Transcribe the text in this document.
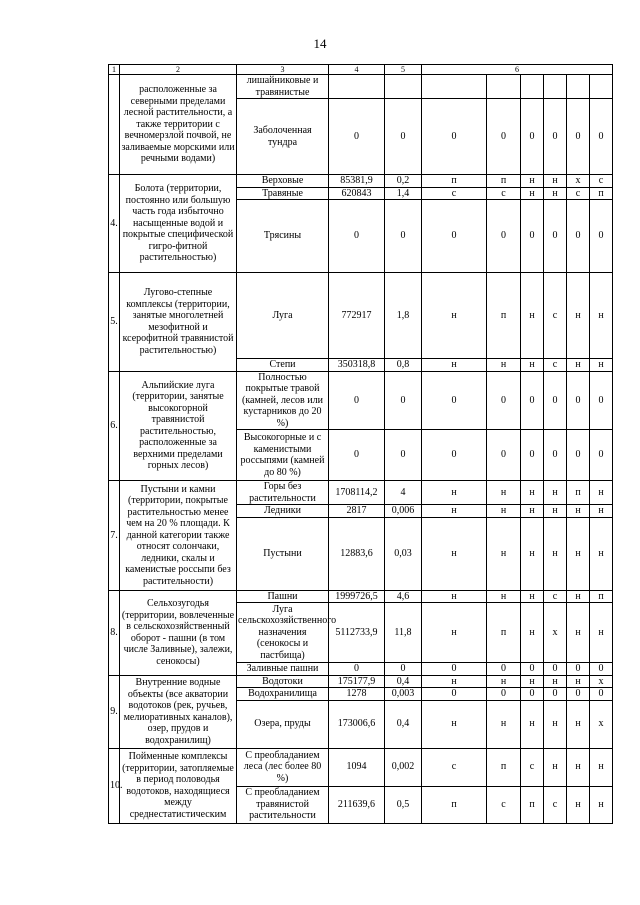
14
1	2	3	4	5	6					
	расположенные за северными пределами лесной растительности, а также территории с вечномерзлой почвой, не заливаемые морскими или речными водами)	лишайниковые и травянистые								
		Заболоченная тундра	0	0	0	0	0	0	0	0
4.	Болота (территории, постоянно или большую часть года избыточно насыщенные водой и покрытые специфической гигро-фитной растительностью)	Верховые	85381,9	0,2	п	п	н	н	х	с
		Травяные	620843	1,4	с	с	н	н	с	п
		Трясины	0	0	0	0	0	0	0	0
5.	Лугово-степные комплексы (территории, занятые многолетней мезофитной и ксерофитной травянистой растительностью)	Луга	772917	1,8	н	п	н	с	н	н
		Степи	350318,8	0,8	н	н	н	с	н	н
6.	Альпийские луга (территории, занятые высокогорной травянистой растительностью, расположенные за верхними пределами горных лесов)	Полностью покрытые травой (камней, лесов или кустарников до 20 %)	0	0	0	0	0	0	0	0
		Высокогорные и с каменистыми россыпями (камней до 80 %)	0	0	0	0	0	0	0	0
7.	Пустыни и камни (территории, покрытые растительностью менее чем на 20 % площади. К данной категории также относят солончаки, ледники, скалы и каменистые россыпи без растительности)	Горы без растительности	1708114,2	4	н	н	н	н	п	н
		Ледники	2817	0,006	н	н	н	н	н	н
		Пустыни	12883,6	0,03	н	н	н	н	н	н
8.	Сельхозугодья (территории, вовлеченные в сельскохозяйственный оборот - пашни (в том числе Заливные), залежи, сенокосы)	Пашни	1999726,5	4,6	н	н	н	с	н	п
		Луга сельскохозяйственного назначения (сенокосы и пастбища)	5112733,9	11,8	н	п	н	х	н	н
		Заливные пашни	0	0	0	0	0	0	0	0
9.	Внутренние водные объекты (все акватории водотоков (рек, ручьев, мелиоративных каналов), озер, прудов и водохранилищ)	Водотоки	175177,9	0,4	н	н	н	н	н	х
		Водохранилища	1278	0,003	0	0	0	0	0	0
		Озера, пруды	173006,6	0,4	н	н	н	н	н	х
10.	Пойменные комплексы (территории, затопляемые в период половодья водотоков, находящиеся между среднестатистическим	С преобладанием леса (лес более 80 %)	1094	0,002	с	п	с	н	н	н
		С преобладанием травянистой растительности	211639,6	0,5	п	с	п	с	н	н
